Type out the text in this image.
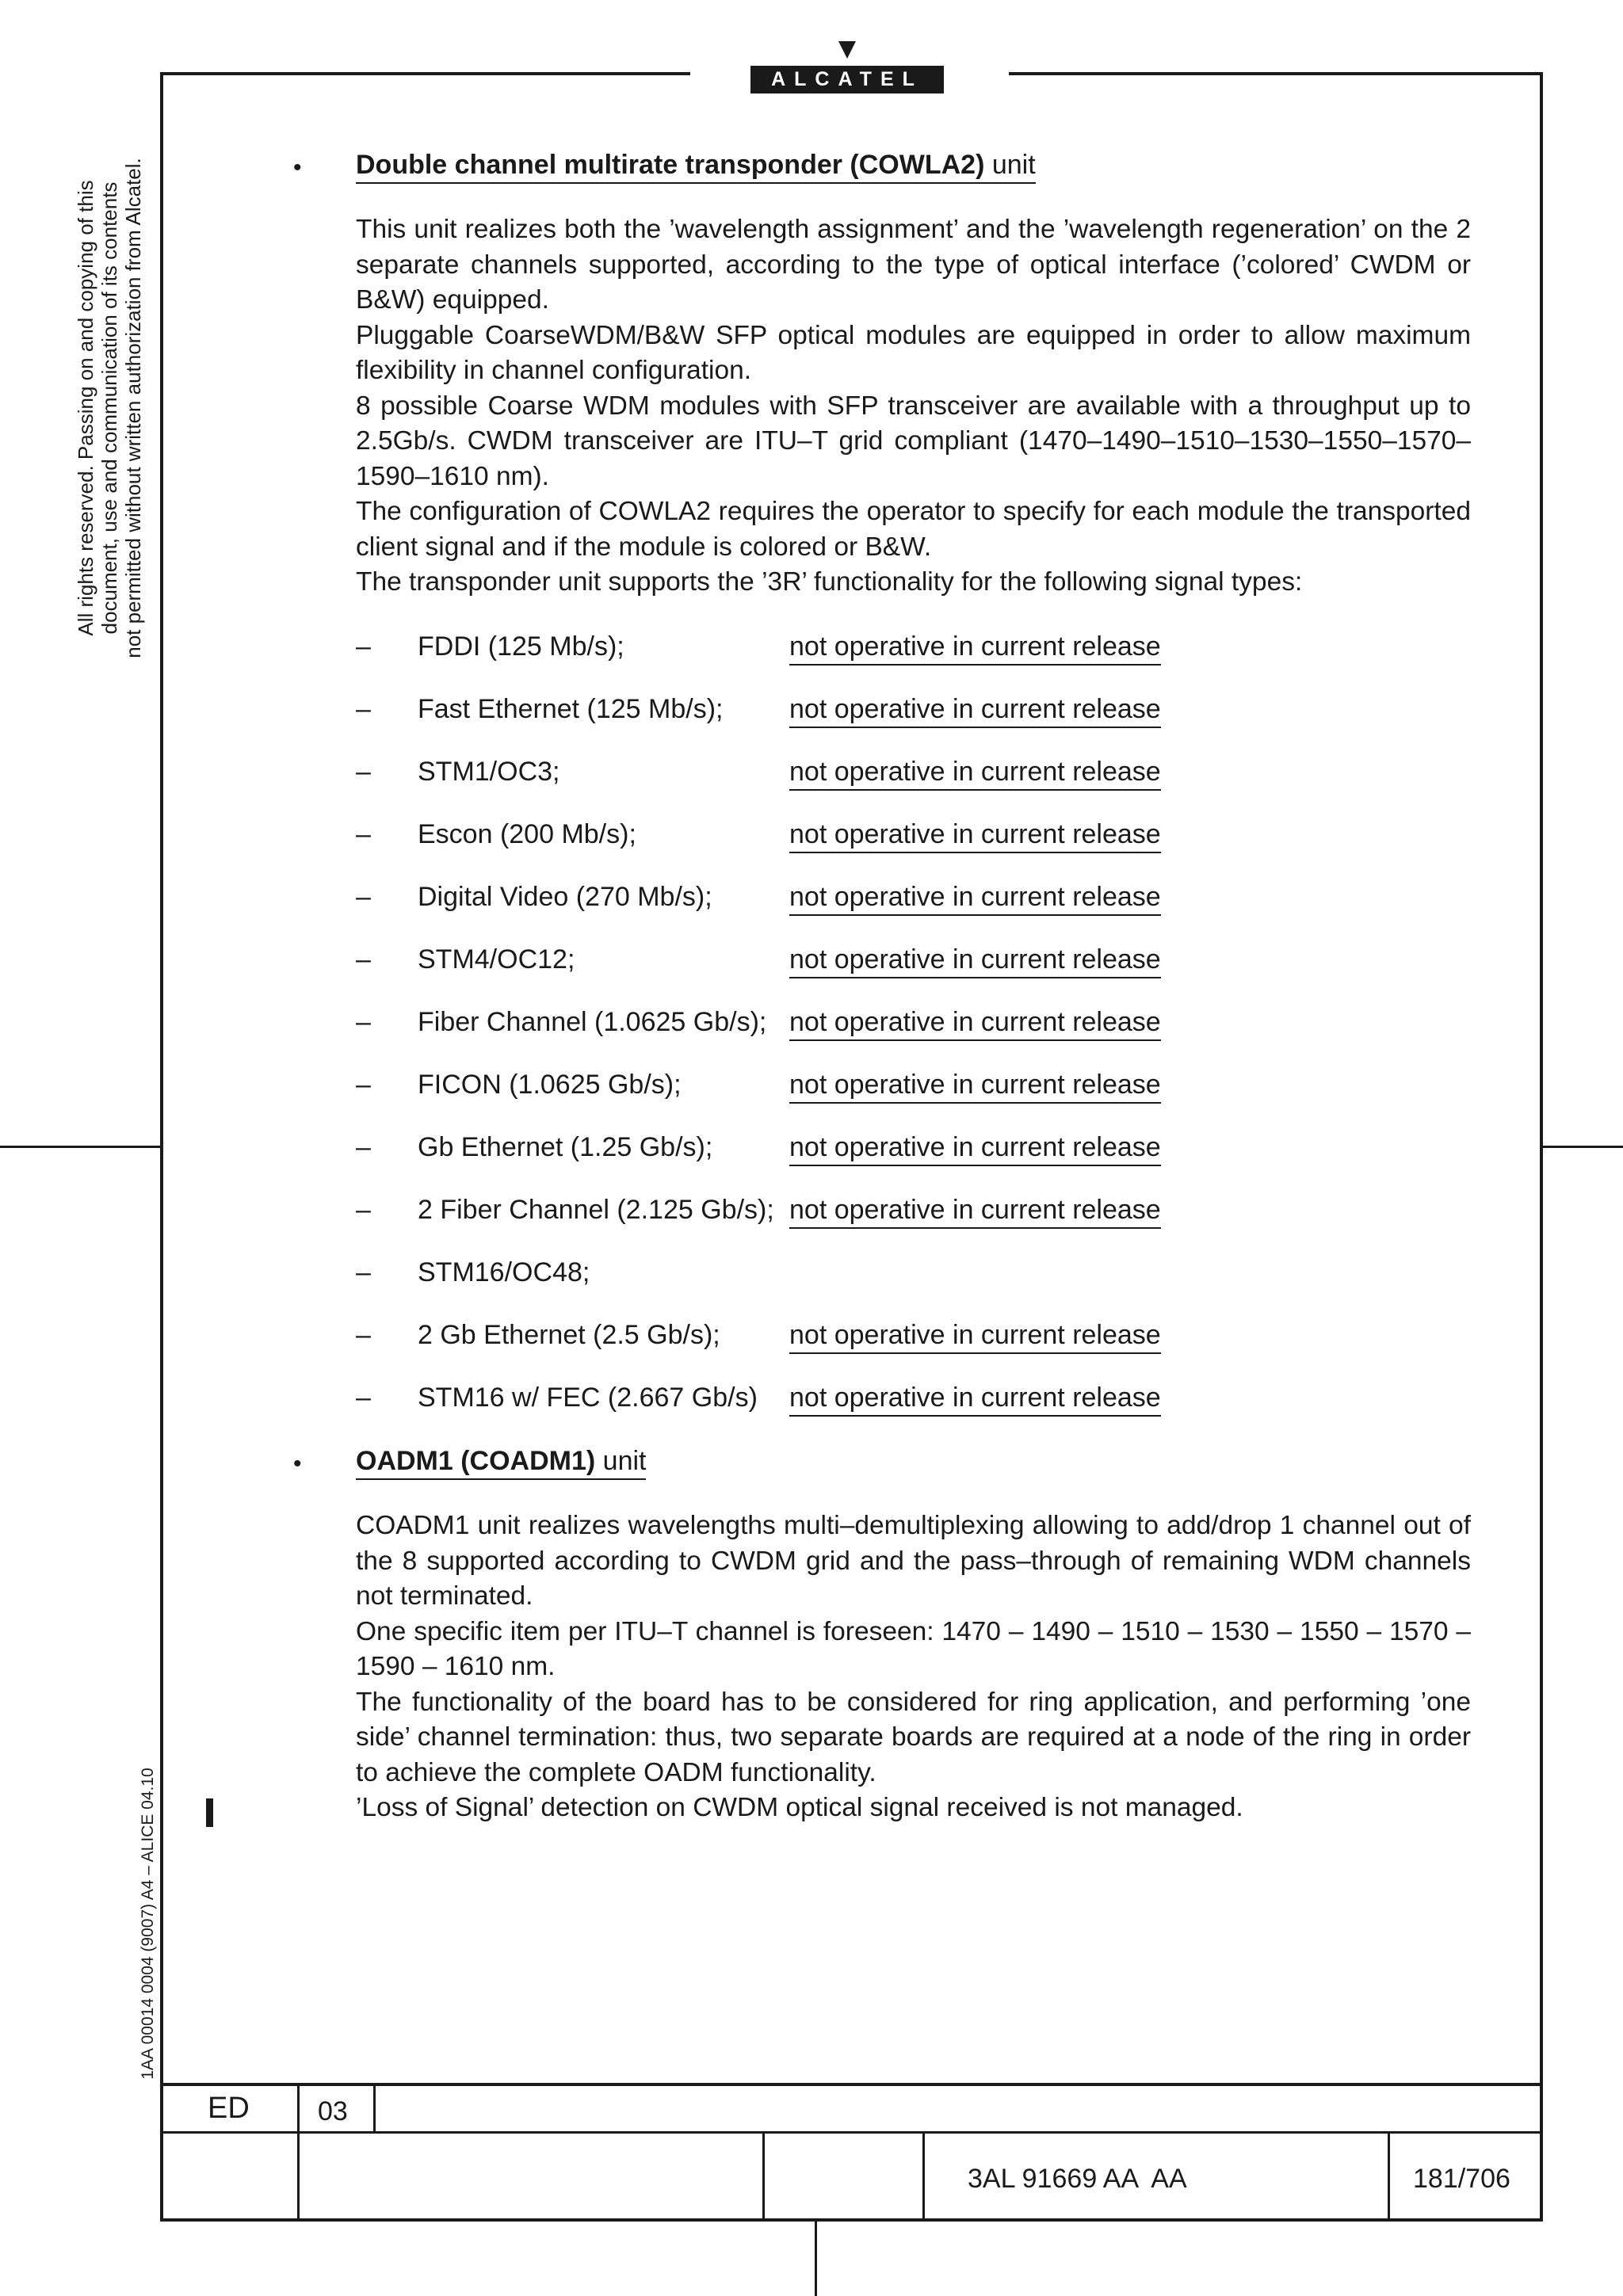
ALCATEL
All rights reserved. Passing on and copying of this document, use and communication of its contents not permitted without written authorization from Alcatel.
1AA 00014 0004 (9007) A4 – ALICE 04.10
• Double channel multirate transponder (COWLA2) unit

This unit realizes both the ’wavelength assignment’ and the ’wavelength regeneration’ on the 2 separate channels supported, according to the type of optical interface (’colored’ CWDM or B&W) equipped.

Pluggable CoarseWDM/B&W SFP optical modules are equipped in order to allow maximum flexibility in channel configuration.

8 possible Coarse WDM modules with SFP transceiver are available with a throughput up to 2.5Gb/s. CWDM transceiver are ITU–T grid compliant (1470–1490–1510–1530–1550–1570–1590–1610 nm).

The configuration of COWLA2 requires the operator to specify for each module the transported client signal and if the module is colored or B&W.

The transponder unit supports the ’3R’ functionality for the following signal types:

– FDDI (125 Mb/s);	not operative in current release
– Fast Ethernet (125 Mb/s); not operative in current release
– STM1/OC3;	not operative in current release
– Escon (200 Mb/s);	not operative in current release
– Digital Video (270 Mb/s);	not operative in current release
– STM4/OC12;	not operative in current release
– Fiber Channel (1.0625 Gb/s); not operative in current release
– FICON (1.0625 Gb/s);	not operative in current release
– Gb Ethernet (1.25 Gb/s);	not operative in current release
– 2 Fiber Channel (2.125 Gb/s); not operative in current release
– STM16/OC48;
– 2 Gb Ethernet (2.5 Gb/s);	not operative in current release
– STM16 w/ FEC (2.667 Gb/s) not operative in current release
• OADM1 (COADM1) unit

COADM1 unit realizes wavelengths multi–demultiplexing allowing to add/drop 1 channel out of the 8 supported according to CWDM grid and the pass–through of remaining WDM channels not terminated.

One specific item per ITU–T channel is foreseen: 1470 – 1490 – 1510 – 1530 – 1550 – 1570 – 1590 – 1610 nm.

The functionality of the board has to be considered for ring application, and performing ’one side’ channel termination: thus, two separate boards are required at a node of the ring in order to achieve the complete OADM functionality.

’Loss of Signal’ detection on CWDM optical signal received is not managed.

ED	03
3AL 91669 AA  AA	181/706
